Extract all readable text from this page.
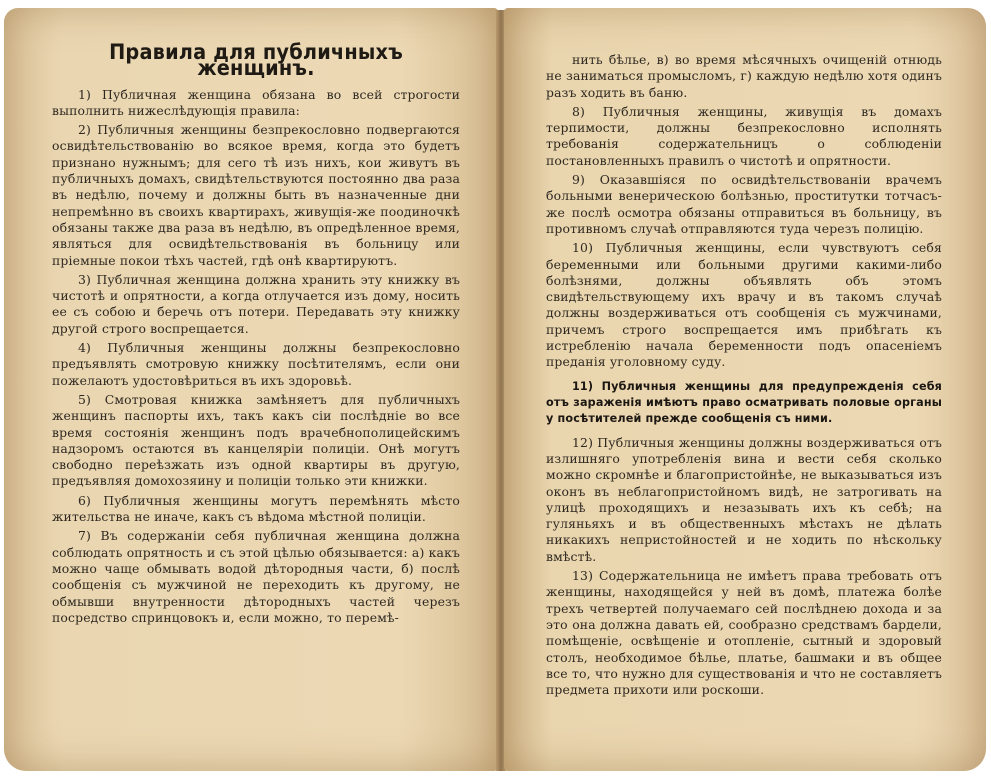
Правила для публичныхъ женщинъ.

1) Публичная женщина обязана во всей строгости выполнить нижеслѣдующія правила:

2) Публичныя женщины безпрекословно подвергаются освидѣтельствованію во всякое время, когда это будетъ признано нужнымъ; для сего тѣ изъ нихъ, кои живутъ въ публичныхъ домахъ, свидѣтельствуются постоянно два раза въ недѣлю, почему и должны быть въ назначенные дни непремѣнно въ своихъ квартирахъ, живущія-же поодиночкѣ обязаны также два раза въ недѣлю, въ опредѣленное время, являться для освидѣтельствованія въ больницу или пріемные покои тѣхъ частей, гдѣ онѣ квартируютъ.

3) Публичная женщина должна хранить эту книжку въ чистотѣ и опрятности, а когда отлучается изъ дому, носить ее съ собою и беречь отъ потери. Передавать эту книжку другой строго воспрещается.

4) Публичныя женщины должны безпрекословно предъявлять смотровую книжку посѣтителямъ, если они пожелаютъ удостовѣриться въ ихъ здоровьѣ.

5) Смотровая книжка замѣняетъ для публичныхъ женщинъ паспорты ихъ, такъ какъ сіи послѣдніе во все время состоянія женщинъ подъ врачебнополицейскимъ надзоромъ остаются въ канцеляріи полиціи. Онѣ могутъ свободно переѣзжать изъ одной квартиры въ другую, предъявляя домохозяину и полиціи только эти книжки.

6) Публичныя женщины могутъ перемѣнять мѣсто жительства не иначе, какъ съ вѣдома мѣстной полиціи.

7) Въ содержаніи себя публичная женщина должна соблюдать опрятность и съ этой цѣлью обязывается: а) какъ можно чаще обмывать водой дѣтородныя части, б) послѣ сообщенія съ мужчиной не переходить къ другому, не обмывши внутренности дѣтородныхъ частей черезъ посредство спринцовокъ и, если можно, то перемѣ-

нить бѣлье, в) во время мѣсячныхъ очищеній отнюдь не заниматься промысломъ, г) каждую недѣлю хотя одинъ разъ ходить въ баню.

8) Публичныя женщины, живущія въ домахъ терпимости, должны безпрекословно исполнять требованія содержательницъ о соблюденіи постановленныхъ правилъ о чистотѣ и опрятности.

9) Оказавшіяся по освидѣтельствованіи врачемъ больными венерическою болѣзнью, проститутки тотчасъ-же послѣ осмотра обязаны отправиться въ больницу, въ противномъ случаѣ отправляются туда черезъ полицію.

10) Публичныя женщины, если чувствуютъ себя беременными или больными другими какими-либо болѣзнями, должны объявлять объ этомъ свидѣтельствующему ихъ врачу и въ такомъ случаѣ должны воздерживаться отъ сообщенія съ мужчинами, причемъ строго воспрещается имъ прибѣгать къ истребленію начала беременности подъ опасеніемъ преданія уголовному суду.

11) Публичныя женщины для предупрежденія себя отъ зараженія имѣютъ право осматривать половые органы у посѣтителей прежде сообщенія съ ними.

12) Публичныя женщины должны воздерживаться отъ излишняго употребленія вина и вести себя сколько можно скромнѣе и благопристойнѣе, не выказываться изъ оконъ въ неблагопристойномъ видѣ, не затрогивать на улицѣ проходящихъ и незазывать ихъ къ себѣ; на гуляньяхъ и въ общественныхъ мѣстахъ не дѣлать никакихъ непристойностей и не ходить по нѣскольку вмѣстѣ.

13) Содержательница не имѣетъ права требовать отъ женщины, находящейся у ней въ домѣ, платежа болѣе трехъ четвертей получаемаго сей послѣднею дохода и за это она должна давать ей, сообразно средствамъ бардели, помѣщеніе, освѣщеніе и отопленіе, сытный и здоровый столъ, необходимое бѣлье, платье, башмаки и въ общее все то, что нужно для существованія и что не составляетъ предмета прихоти или роскоши.
